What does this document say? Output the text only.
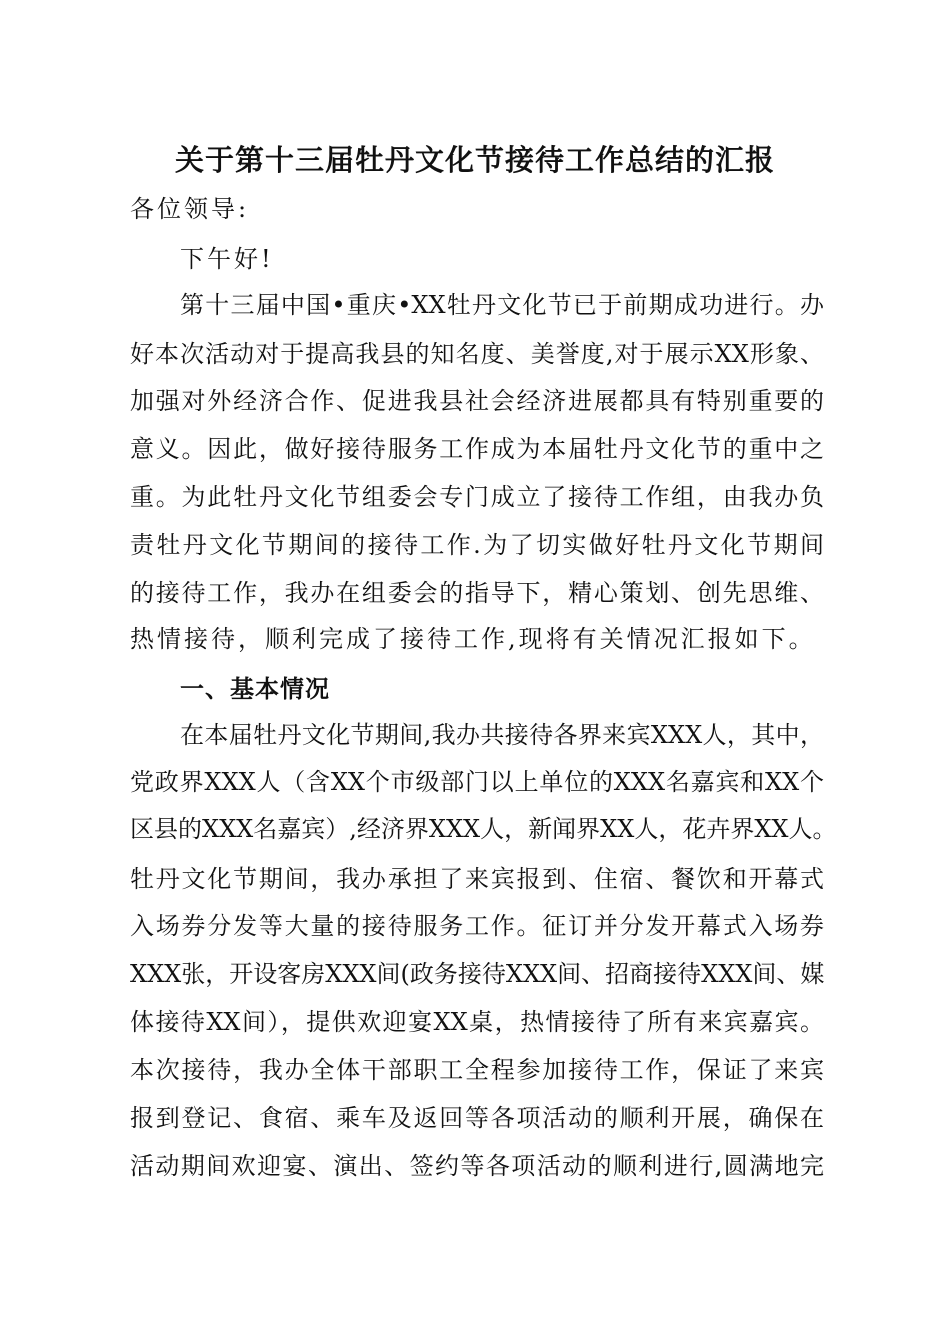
关于第十三届牡丹文化节接待工作总结的汇报
各位领导:
下午好!
第十三届中国•重庆•XX牡丹文化节已于前期成功进行。办
好本次活动对于提高我县的知名度、美誉度,对于展示XX形象、
加强对外经济合作、促进我县社会经济进展都具有特别重要的
意义。因此，做好接待服务工作成为本届牡丹文化节的重中之
重。为此牡丹文化节组委会专门成立了接待工作组，由我办负
责牡丹文化节期间的接待工作.为了切实做好牡丹文化节期间
的接待工作，我办在组委会的指导下，精心策划、创先思维、
热情接待，顺利完成了接待工作,现将有关情况汇报如下。
一、基本情况
在本届牡丹文化节期间,我办共接待各界来宾XXX人，其中，
党政界XXX人（含XX个市级部门以上单位的XXX名嘉宾和XX个
区县的XXX名嘉宾）,经济界XXX人，新闻界XX人，花卉界XX人。
牡丹文化节期间，我办承担了来宾报到、住宿、餐饮和开幕式
入场券分发等大量的接待服务工作。征订并分发开幕式入场券
XXX张，开设客房XXX间(政务接待XXX间、招商接待XXX间、媒
体接待XX间），提供欢迎宴XX桌，热情接待了所有来宾嘉宾。
本次接待，我办全体干部职工全程参加接待工作，保证了来宾
报到登记、食宿、乘车及返回等各项活动的顺利开展，确保在
活动期间欢迎宴、演出、签约等各项活动的顺利进行,圆满地完
